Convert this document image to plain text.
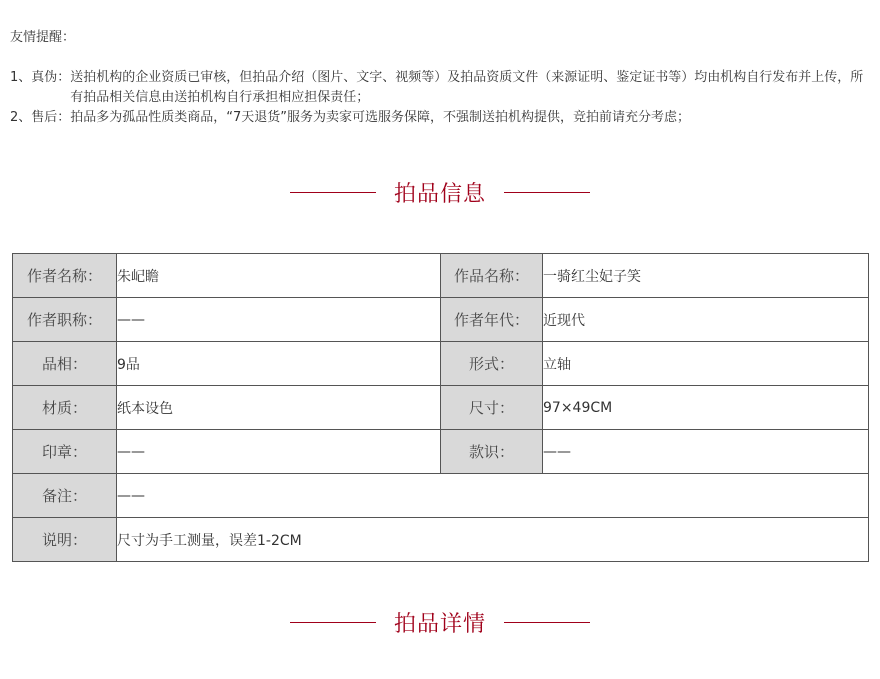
友情提醒：
1、真伪： 送拍机构的企业资质已审核，但拍品介绍（图片、文字、视频等）及拍品资质文件（来源证明、鉴定证书等）均由机构自行发布并上传，所有拍品相关信息由送拍机构自行承担相应担保责任；
2、售后： 拍品多为孤品性质类商品，“7天退货”服务为卖家可选服务保障，不强制送拍机构提供，竞拍前请充分考虑；
拍品信息
作者名称：	朱屺瞻	作品名称：	一骑红尘妃子笑
作者职称：	——	作者年代：	近现代
品相：	9品	形式：	立轴
材质：	纸本设色	尺寸：	97×49CM
印章：	——	款识：	——
备注：	——		
说明：	尺寸为手工测量，误差1-2CM		
拍品详情
